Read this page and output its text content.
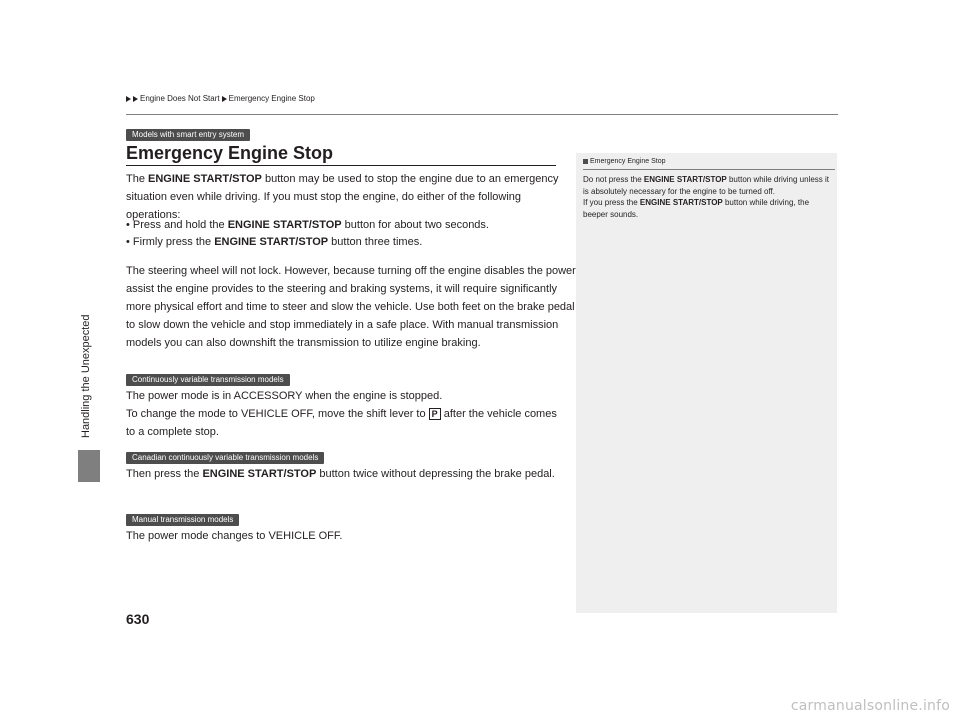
Handling the Unexpected
Engine Does Not Start Emergency Engine Stop
Models with smart entry system
Emergency Engine Stop

The ENGINE START/STOP button may be used to stop the engine due to an emergency situation even while driving. If you must stop the engine, do either of the following operations:

• Press and hold the ENGINE START/STOP button for about two seconds.
• Firmly press the ENGINE START/STOP button three times.

The steering wheel will not lock. However, because turning off the engine disables the power assist the engine provides to the steering and braking systems, it will require significantly more physical effort and time to steer and slow the vehicle. Use both feet on the brake pedal to slow down the vehicle and stop immediately in a safe place. With manual transmission models you can also downshift the transmission to utilize engine braking.

Continuously variable transmission models

The power mode is in ACCESSORY when the engine is stopped.
To change the mode to VEHICLE OFF, move the shift lever to P after the vehicle comes to a complete stop.

Canadian continuously variable transmission models

Then press the ENGINE START/STOP button twice without depressing the brake pedal.

Manual transmission models

The power mode changes to VEHICLE OFF.

Emergency Engine Stop

Do not press the ENGINE START/STOP button while driving unless it is absolutely necessary for the engine to be turned off.
If you press the ENGINE START/STOP button while driving, the beeper sounds.

630
carmanualsonline.info
